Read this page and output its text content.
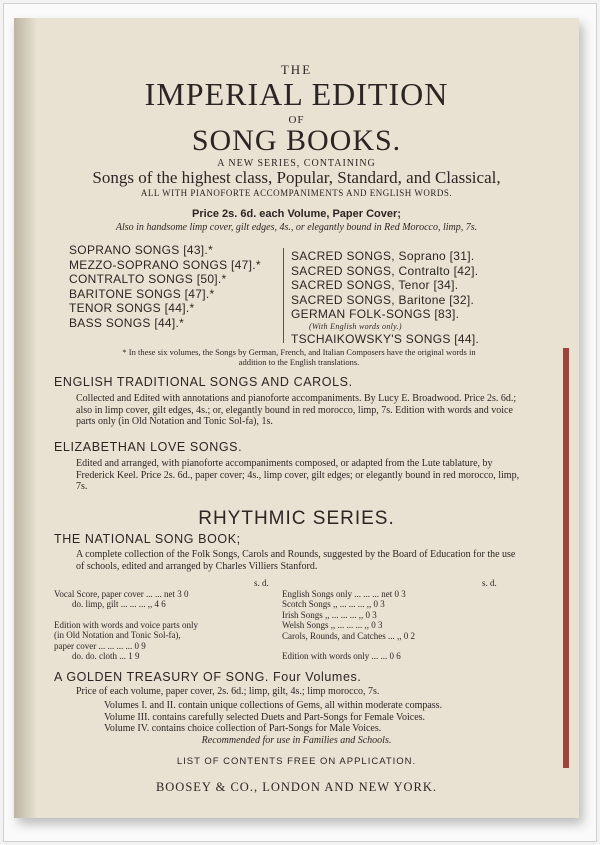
THE
IMPERIAL EDITION
OF
SONG BOOKS.
A NEW SERIES, CONTAINING
Songs of the highest class, Popular, Standard, and Classical,
ALL WITH PIANOFORTE ACCOMPANIMENTS AND ENGLISH WORDS.
Price 2s. 6d. each Volume, Paper Cover;
Also in handsome limp cover, gilt edges, 4s., or elegantly bound in Red Morocco, limp, 7s.
SOPRANO SONGS [43].*
MEZZO-SOPRANO SONGS [47].*
CONTRALTO SONGS [50].*
BARITONE SONGS [47].*
TENOR SONGS [44].*
BASS SONGS [44].*
SACRED SONGS, Soprano [31].
SACRED SONGS, Contralto [42].
SACRED SONGS, Tenor [34].
SACRED SONGS, Baritone [32].
GERMAN FOLK-SONGS [83].
(With English words only.)
TSCHAIKOWSKY'S SONGS [44].
* In these six volumes, the Songs by German, French, and Italian Composers have the original words in addition to the English translations.
ENGLISH TRADITIONAL SONGS AND CAROLS.
Collected and Edited with annotations and pianoforte accompaniments. By Lucy E. Broadwood. Price 2s. 6d.; also in limp cover, gilt edges, 4s.; or, elegantly bound in red morocco, limp, 7s. Edition with words and voice parts only (in Old Notation and Tonic Sol-fa), 1s.
ELIZABETHAN LOVE SONGS.
Edited and arranged, with pianoforte accompaniments composed, or adapted from the Lute tablature, by Frederick Keel. Price 2s. 6d., paper cover; 4s., limp cover, gilt edges; or elegantly bound in red morocco, limp, 7s.
RHYTHMIC SERIES.
THE NATIONAL SONG BOOK;
A complete collection of the Folk Songs, Carols and Rounds, suggested by the Board of Education for the use of schools, edited and arranged by Charles Villiers Stanford.
s. d.
Vocal Score, paper cover ... ... net 3 0
do. limp, gilt ... ... ... ,, 4 6
Edition with words and voice parts only
(in Old Notation and Tonic Sol-fa),
paper cover ... ... ... ... 0 9
do. do. cloth ... 1 9
s. d.
English Songs only ... ... ... net 0 3
Scotch Songs ,, ... ... ... ,, 0 3
Irish Songs ,, ... ... ... ,, 0 3
Welsh Songs ,, ... ... ... ,, 0 3
Carols, Rounds, and Catches ... ,, 0 2
Edition with words only ... ... 0 6
A GOLDEN TREASURY OF SONG. Four Volumes.
Price of each volume, paper cover, 2s. 6d.; limp, gilt, 4s.; limp morocco, 7s.
Volumes I. and II. contain unique collections of Gems, all within moderate compass.
Volume III. contains carefully selected Duets and Part-Songs for Female Voices.
Volume IV. contains choice collection of Part-Songs for Male Voices.
Recommended for use in Families and Schools.
LIST OF CONTENTS FREE ON APPLICATION.
BOOSEY & CO., LONDON AND NEW YORK.
